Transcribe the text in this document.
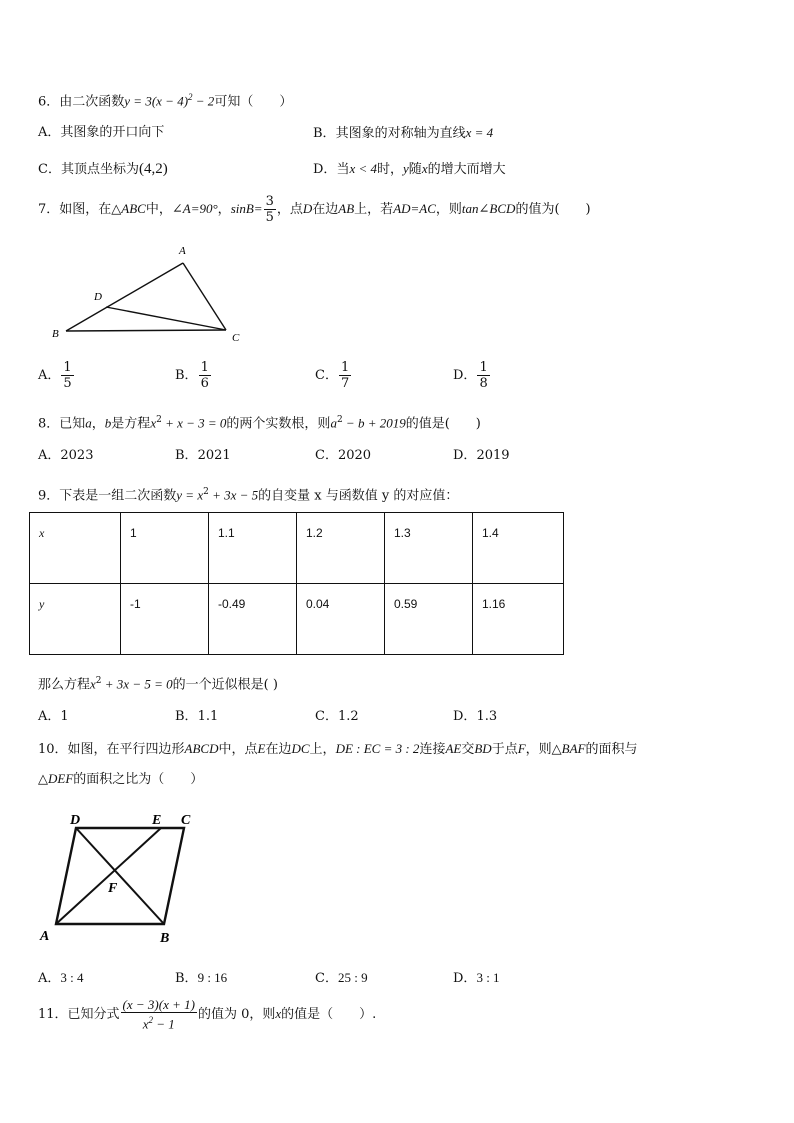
6．由二次函数$y = 3(x - 4)^2 - 2$可知（　　）
A．其图象的开口向下	B．其图象的对称轴为直线x = 4
C．其顶点坐标为(4,2)	D．当x < 4时，y随x的增大而增大
7．如图，在△ABC中，∠A=90°，$\sin B= \frac{3}{5}$ ，点D在边AB上，若AD=AC，则tan∠BCD的值为(　　)
A
B	C
D
A． $\frac{1}{5}$	B． $\frac{1}{6}$	C． $\frac{1}{7}$	D． $\frac{1}{8}$
8．已知a，b是方程$x^2 + x - 3 = 0$的两个实数根，则$a^2 - b + 2019$的值是(　　)
A．2023	B．2021	C．2020	D．2019
9．下表是一组二次函数$y = x^2 + 3x - 5$的自变量 x 与函数值 y 的对应值：
x	1	1.1	1.2	1.3	1.4
y	-1	-0.49	0.04	0.59	1.16
那么方程$x^2 + 3x - 5 = 0$的一个近似根是( )
A．1	B．1.1	C．1.2	D．1.3
10．如图，在平行四边形ABCD中，点E在边DC上，DE : EC = 3 : 2连接AE交BD于点F，则△BAF的面积与
△DEF的面积之比为（　　）
D	E C
F
A	B
A．3 : 4	B．9 : 16	C．25 : 9	D．3 : 1
11．已知分式 $\frac{(x - 3)(x + 1)}{x^2 - 1}$ 的值为 0，则x的值是（　　）.
